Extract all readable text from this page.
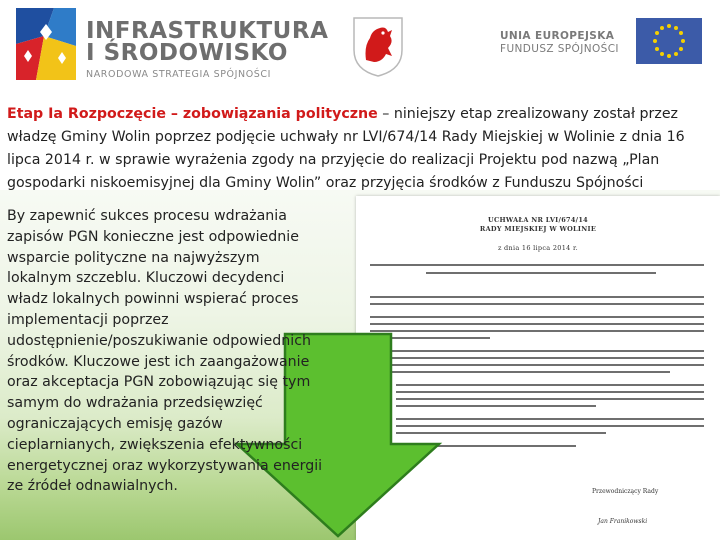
INFRASTRUKTURA
I ŚRODOWISKO
NARODOWA STRATEGIA SPÓJNOŚCI
UNIA EUROPEJSKA
FUNDUSZ SPÓJNOŚCI
Etap Ia Rozpoczęcie – zobowiązania polityczne – niniejszy etap zrealizowany został przez władzę Gminy Wolin poprzez podjęcie uchwały nr LVI/674/14 Rady Miejskiej w Wolinie z dnia 16 lipca 2014 r. w sprawie wyrażenia zgody na przyjęcie do realizacji Projektu pod nazwą „Plan gospodarki niskoemisyjnej dla Gminy Wolin” oraz przyjęcia środków z Funduszu Spójności
UCHWAŁA NR LVI/674/14
RADY MIEJSKIEJ W WOLINIE
z dnia 16 lipca 2014 r.
Przewodniczący Rady
Jan Franikowski
By zapewnić sukces procesu wdrażania zapisów PGN konieczne jest odpowiednie wsparcie polityczne na najwyższym lokalnym szczeblu. Kluczowi decydenci władz lokalnych powinni wspierać proces implementacji poprzez udostępnienie/poszukiwanie odpowiednich środków. Kluczowe jest ich zaangażowanie oraz akceptacja PGN zobowiązując się tym samym do wdrażania przedsięwzięć ograniczających emisję gazów cieplarnianych, zwiększenia efektywności energetycznej oraz wykorzystywania energii ze źródeł odnawialnych.
